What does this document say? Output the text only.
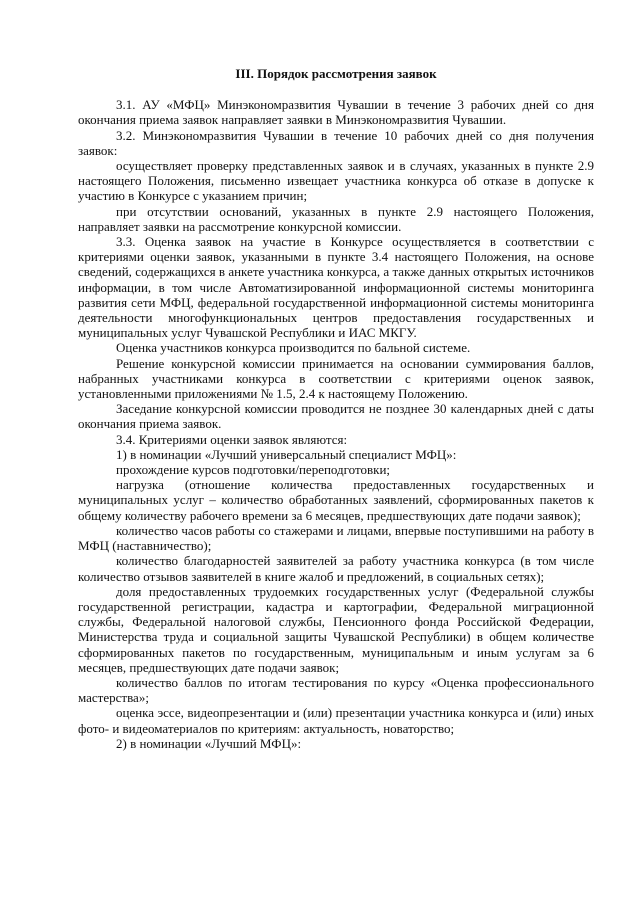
III. Порядок рассмотрения заявок

3.1. АУ «МФЦ» Минэкономразвития Чувашии в течение 3 рабочих дней со дня окончания приема заявок направляет заявки в Минэкономразвития Чувашии.

3.2. Минэкономразвития Чувашии в течение 10 рабочих дней со дня получения заявок:

осуществляет проверку представленных заявок и в случаях, указанных в пункте 2.9 настоящего Положения, письменно извещает участника конкурса об отказе в допуске к участию в Конкурсе с указанием причин;

при отсутствии оснований, указанных в пункте 2.9 настоящего Положения, направляет заявки на рассмотрение конкурсной комиссии.

3.3. Оценка заявок на участие в Конкурсе осуществляется в соответствии с критериями оценки заявок, указанными в пункте 3.4 настоящего Положения, на основе сведений, содержащихся в анкете участника конкурса, а также данных открытых источников информации, в том числе Автоматизированной информационной системы мониторинга развития сети МФЦ, федеральной государственной информационной системы мониторинга деятельности многофункциональных центров предоставления государственных и муниципальных услуг Чувашской Республики и ИАС МКГУ.

Оценка участников конкурса производится по бальной системе.

Решение конкурсной комиссии принимается на основании суммирования баллов, набранных участниками конкурса в соответствии с критериями оценок заявок, установленными приложениями № 1.5, 2.4 к настоящему Положению.

Заседание конкурсной комиссии проводится не позднее 30 календарных дней с даты окончания приема заявок.

3.4. Критериями оценки заявок являются:

1) в номинации «Лучший универсальный специалист МФЦ»:

прохождение курсов подготовки/переподготовки;

нагрузка (отношение количества предоставленных государственных и муниципальных услуг – количество обработанных заявлений, сформированных пакетов к общему количеству рабочего времени за 6 месяцев, предшествующих дате подачи заявок);

количество часов работы со стажерами и лицами, впервые поступившими на работу в МФЦ (наставничество);

количество благодарностей заявителей за работу участника конкурса (в том числе количество отзывов заявителей в книге жалоб и предложений, в социальных сетях);

доля предоставленных трудоемких государственных услуг (Федеральной службы государственной регистрации, кадастра и картографии, Федеральной миграционной службы, Федеральной налоговой службы, Пенсионного фонда Российской Федерации, Министерства труда и социальной защиты Чувашской Республики) в общем количестве сформированных пакетов по государственным, муниципальным и иным услугам за 6 месяцев, предшествующих дате подачи заявок;

количество баллов по итогам тестирования по курсу «Оценка профессионального мастерства»;

оценка эссе, видеопрезентации и (или) презентации участника конкурса и (или) иных фото- и видеоматериалов по критериям: актуальность, новаторство;

2) в номинации «Лучший МФЦ»:
